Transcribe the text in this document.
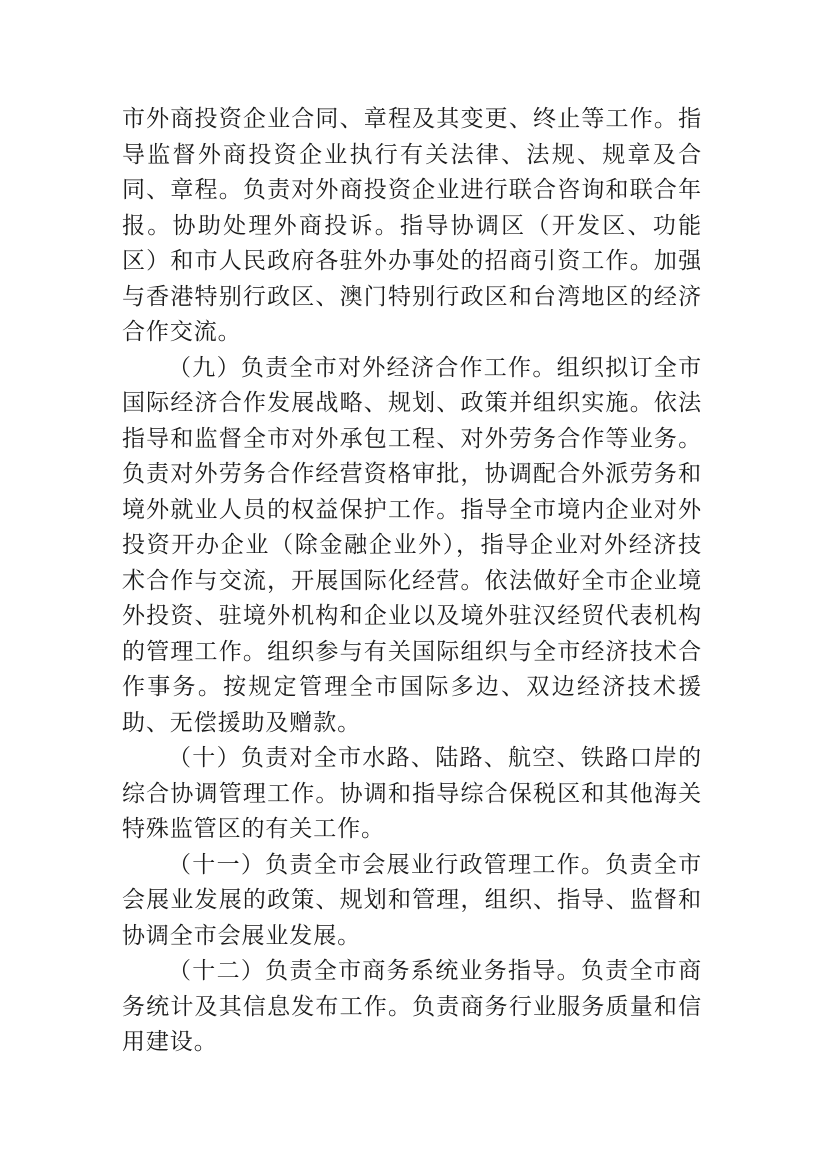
市外商投资企业合同、章程及其变更、终止等工作。指导监督外商投资企业执行有关法律、法规、规章及合同、章程。负责对外商投资企业进行联合咨询和联合年报。协助处理外商投诉。指导协调区（开发区、功能区）和市人民政府各驻外办事处的招商引资工作。加强与香港特别行政区、澳门特别行政区和台湾地区的经济合作交流。

（九）负责全市对外经济合作工作。组织拟订全市国际经济合作发展战略、规划、政策并组织实施。依法指导和监督全市对外承包工程、对外劳务合作等业务。负责对外劳务合作经营资格审批，协调配合外派劳务和境外就业人员的权益保护工作。指导全市境内企业对外投资开办企业（除金融企业外），指导企业对外经济技术合作与交流，开展国际化经营。依法做好全市企业境外投资、驻境外机构和企业以及境外驻汉经贸代表机构的管理工作。组织参与有关国际组织与全市经济技术合作事务。按规定管理全市国际多边、双边经济技术援助、无偿援助及赠款。

（十）负责对全市水路、陆路、航空、铁路口岸的综合协调管理工作。协调和指导综合保税区和其他海关特殊监管区的有关工作。

（十一）负责全市会展业行政管理工作。负责全市会展业发展的政策、规划和管理，组织、指导、监督和协调全市会展业发展。

（十二）负责全市商务系统业务指导。负责全市商务统计及其信息发布工作。负责商务行业服务质量和信用建设。
